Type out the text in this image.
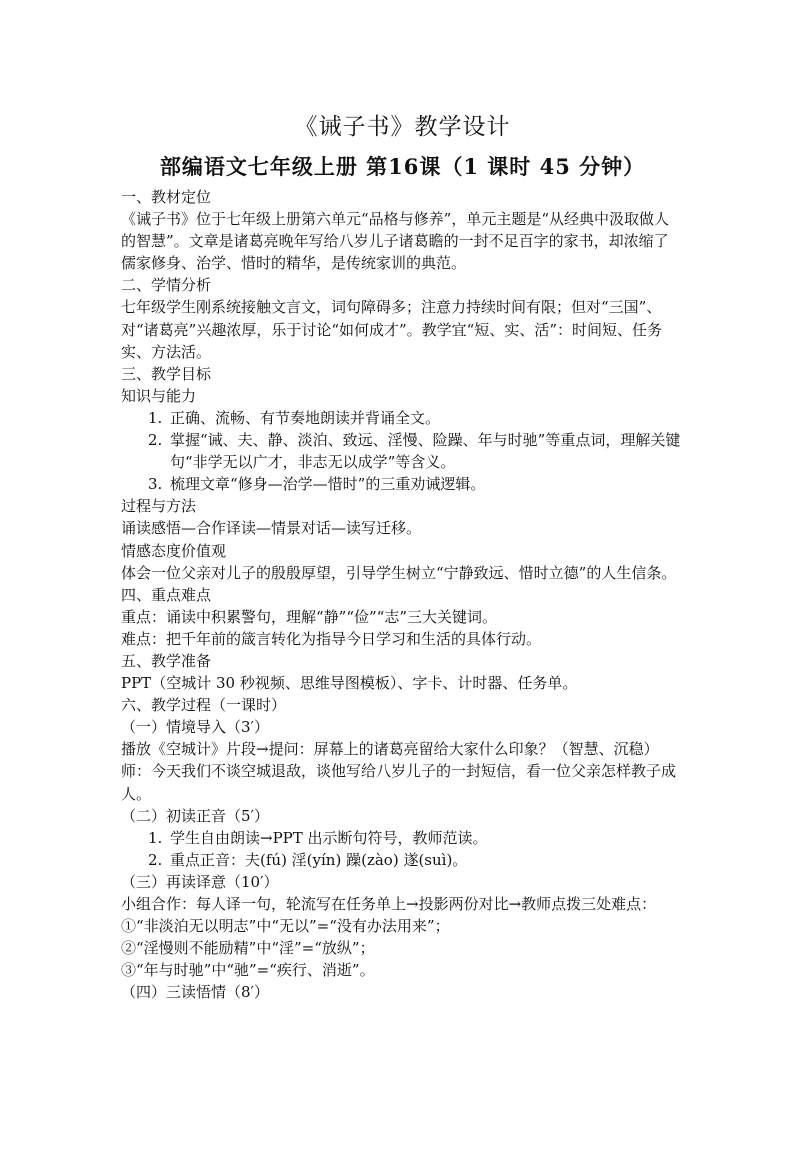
《诫子书》教学设计
部编语文七年级上册 第16课（1 课时 45 分钟）

一、教材定位

《诫子书》位于七年级上册第六单元“品格与修养”，单元主题是“从经典中汲取做人的智慧”。文章是诸葛亮晚年写给八岁儿子诸葛瞻的一封不足百字的家书，却浓缩了儒家修身、治学、惜时的精华，是传统家训的典范。

二、学情分析

七年级学生刚系统接触文言文，词句障碍多；注意力持续时间有限；但对“三国”、对“诸葛亮”兴趣浓厚，乐于讨论“如何成才”。教学宜“短、实、活”：时间短、任务实、方法活。

三、教学目标

知识与能力

1. 正确、流畅、有节奏地朗读并背诵全文。
2. 掌握“诫、夫、静、淡泊、致远、淫慢、险躁、年与时驰”等重点词，理解关键句“非学无以广才，非志无以成学”等含义。
3. 梳理文章“修身—治学—惜时”的三重劝诫逻辑。

过程与方法

诵读感悟—合作译读—情景对话—读写迁移。

情感态度价值观

体会一位父亲对儿子的殷殷厚望，引导学生树立“宁静致远、惜时立德”的人生信条。

四、重点难点

重点：诵读中积累警句，理解“静”“俭”“志”三大关键词。

难点：把千年前的箴言转化为指导今日学习和生活的具体行动。

五、教学准备

PPT（空城计 30 秒视频、思维导图模板）、字卡、计时器、任务单。

六、教学过程（一课时）

（一）情境导入（3′）

播放《空城计》片段→提问：屏幕上的诸葛亮留给大家什么印象？（智慧、沉稳）

师：今天我们不谈空城退敌，谈他写给八岁儿子的一封短信，看一位父亲怎样教子成人。

（二）初读正音（5′）

1. 学生自由朗读→PPT 出示断句符号，教师范读。
2. 重点正音：夫(fú) 淫(yín) 躁(zào) 遂(suì)。

（三）再读译意（10′）

小组合作：每人译一句，轮流写在任务单上→投影两份对比→教师点拨三处难点：

①“非淡泊无以明志”中“无以”=“没有办法用来”；

②“淫慢则不能励精”中“淫”=“放纵”；

③“年与时驰”中“驰”=“疾行、消逝”。

（四）三读悟情（8′）
